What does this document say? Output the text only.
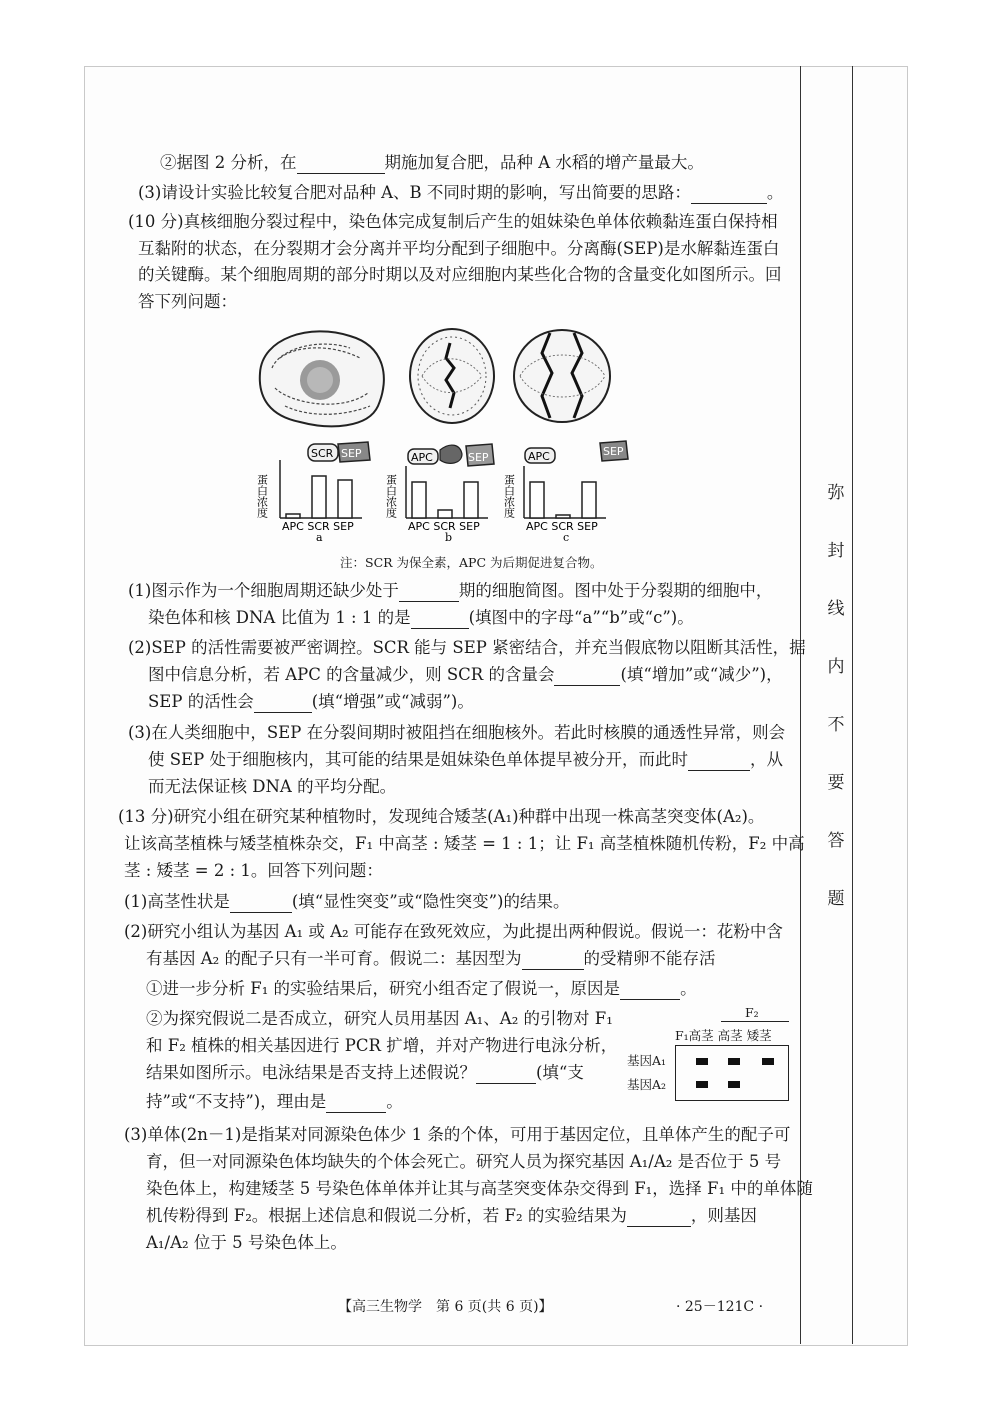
弥
封
线
内
不
要
答
题
②据图 2 分析，在	期施加复合肥，品种 A 水稻的增产量最大。
(3)请设计实验比较复合肥对品种 A、B 不同时期的影响，写出简要的思路：	。
(10 分)真核细胞分裂过程中，染色体完成复制后产生的姐妹染色单体依赖黏连蛋白保持相
互黏附的状态，在分裂期才会分离并平均分配到子细胞中。分离酶(SEP)是水解黏连蛋白
的关键酶。某个细胞周期的部分时期以及对应细胞内某些化合物的含量变化如图所示。回
答下列问题：
SCR SEP	APC	SEP	APC	SEP
蛋白浓度	蛋白浓度	蛋白浓度
APC SCR SEP	APC SCR SEP	APC SCR SEP
a	b	c
注：SCR 为保全素，APC 为后期促进复合物。
(1)图示作为一个细胞周期还缺少处于	期的细胞简图。图中处于分裂期的细胞中，
染色体和核 DNA 比值为 1 : 1 的是	(填图中的字母“a”“b”或“c”)。
(2)SEP 的活性需要被严密调控。SCR 能与 SEP 紧密结合，并充当假底物以阻断其活性，据
图中信息分析，若 APC 的含量减少，则 SCR 的含量会	(填“增加”或“减少”)，
SEP 的活性会	(填“增强”或“减弱”)。
(3)在人类细胞中，SEP 在分裂间期时被阻挡在细胞核外。若此时核膜的通透性异常，则会
使 SEP 处于细胞核内，其可能的结果是姐妹染色单体提早被分开，而此时	，从
而无法保证核 DNA 的平均分配。
(13 分)研究小组在研究某种植物时，发现纯合矮茎(A₁)种群中出现一株高茎突变体(A₂)。
让该高茎植株与矮茎植株杂交，F₁ 中高茎 : 矮茎 = 1 : 1；让 F₁ 高茎植株随机传粉，F₂ 中高
茎 : 矮茎 = 2 : 1。回答下列问题：
(1)高茎性状是	(填“显性突变”或“隐性突变”)的结果。
(2)研究小组认为基因 A₁ 或 A₂ 可能存在致死效应，为此提出两种假说。假说一：花粉中含
有基因 A₂ 的配子只有一半可育。假说二：基因型为	的受精卵不能存活
①进一步分析 F₁ 的实验结果后，研究小组否定了假说一，原因是	。
②为探究假说二是否成立，研究人员用基因 A₁、A₂ 的引物对 F₁
和 F₂ 植株的相关基因进行 PCR 扩增，并对产物进行电泳分析，
结果如图所示。电泳结果是否支持上述假说？	(填“支
持”或“不支持”)，理由是	。
F₂
F₁高茎 高茎 矮茎
基因A₁
基因A₂
(3)单体(2n－1)是指某对同源染色体少 1 条的个体，可用于基因定位，且单体产生的配子可
育，但一对同源染色体均缺失的个体会死亡。研究人员为探究基因 A₁/A₂ 是否位于 5 号
染色体上，构建矮茎 5 号染色体单体并让其与高茎突变体杂交得到 F₁，选择 F₁ 中的单体随
机传粉得到 F₂。根据上述信息和假说二分析，若 F₂ 的实验结果为	，则基因
A₁/A₂ 位于 5 号染色体上。
【高三生物学　第 6 页(共 6 页)】	· 25－121C ·
